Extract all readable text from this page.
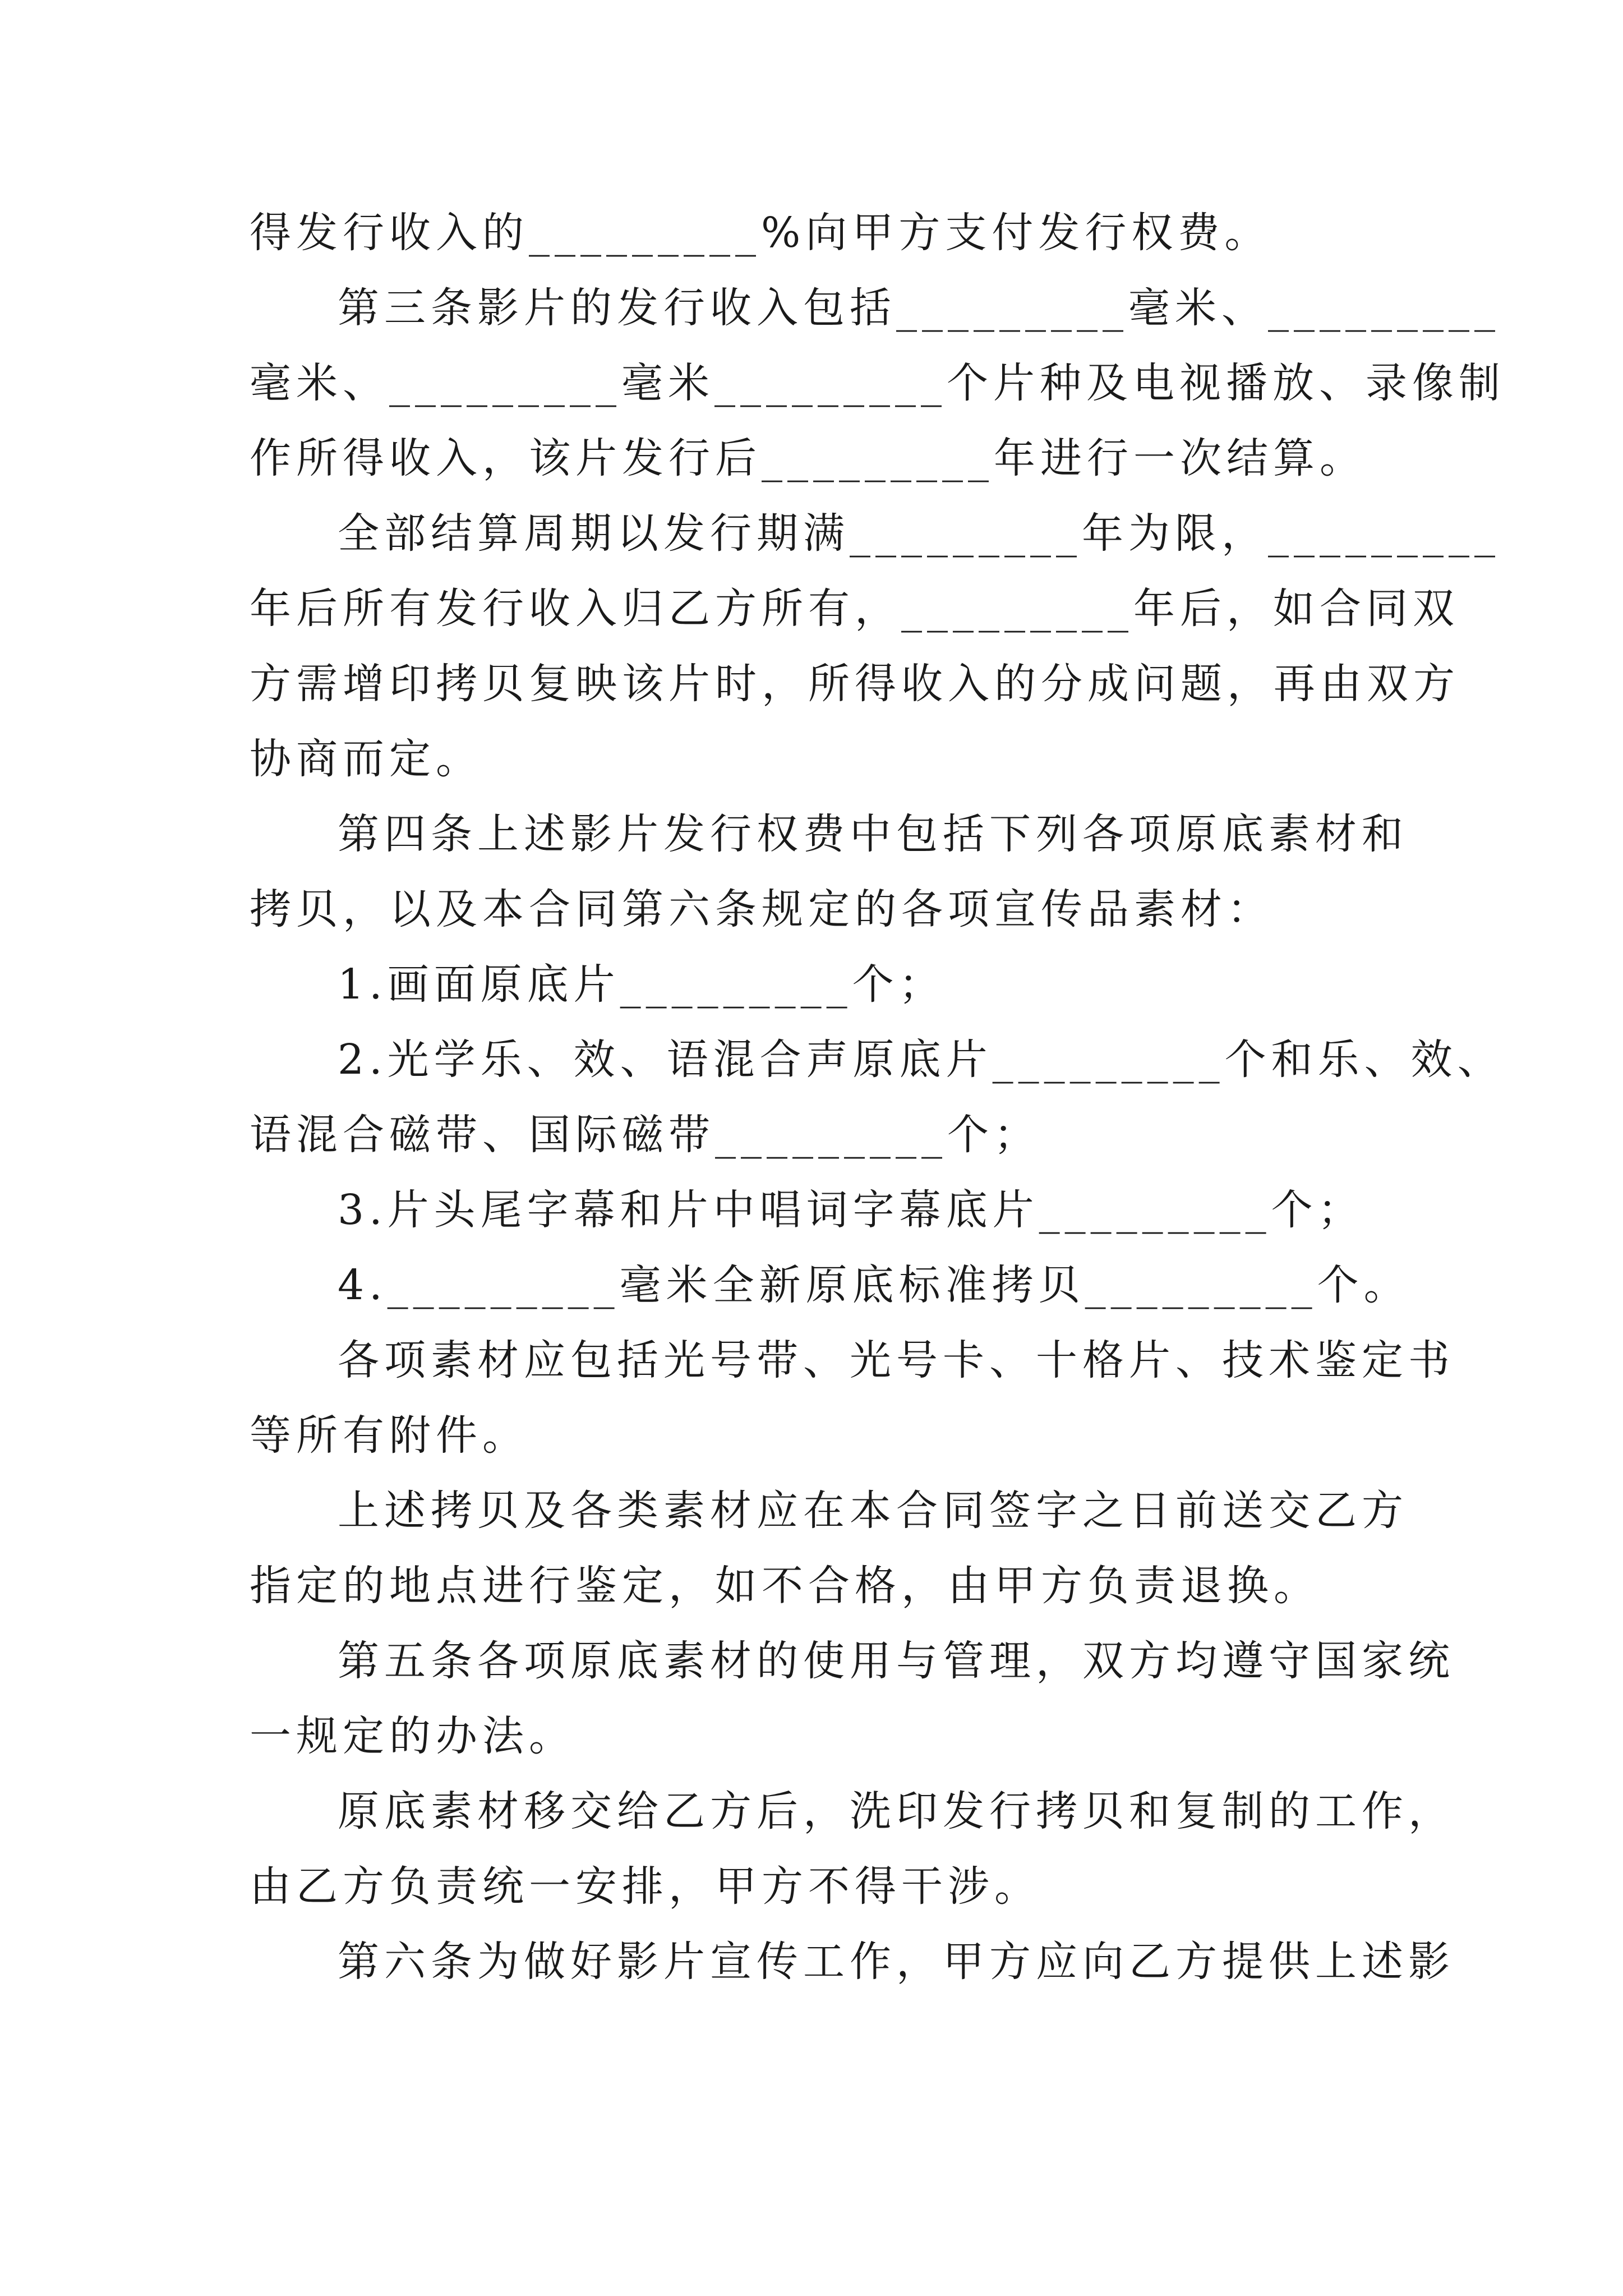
得发行收入的_________%向甲方支付发行权费。
第三条影片的发行收入包括_________毫米、_________
毫米、_________毫米_________个片种及电视播放、录像制
作所得收入，该片发行后_________年进行一次结算。
全部结算周期以发行期满_________年为限，_________
年后所有发行收入归乙方所有，_________年后，如合同双
方需增印拷贝复映该片时，所得收入的分成问题，再由双方
协商而定。
第四条上述影片发行权费中包括下列各项原底素材和
拷贝，以及本合同第六条规定的各项宣传品素材：
1.画面原底片_________个；
2.光学乐、效、语混合声原底片_________个和乐、效、
语混合磁带、国际磁带_________个；
3.片头尾字幕和片中唱词字幕底片_________个；
4._________毫米全新原底标准拷贝_________个。
各项素材应包括光号带、光号卡、十格片、技术鉴定书
等所有附件。
上述拷贝及各类素材应在本合同签字之日前送交乙方
指定的地点进行鉴定，如不合格，由甲方负责退换。
第五条各项原底素材的使用与管理，双方均遵守国家统
一规定的办法。
原底素材移交给乙方后，洗印发行拷贝和复制的工作，
由乙方负责统一安排，甲方不得干涉。
第六条为做好影片宣传工作，甲方应向乙方提供上述影
